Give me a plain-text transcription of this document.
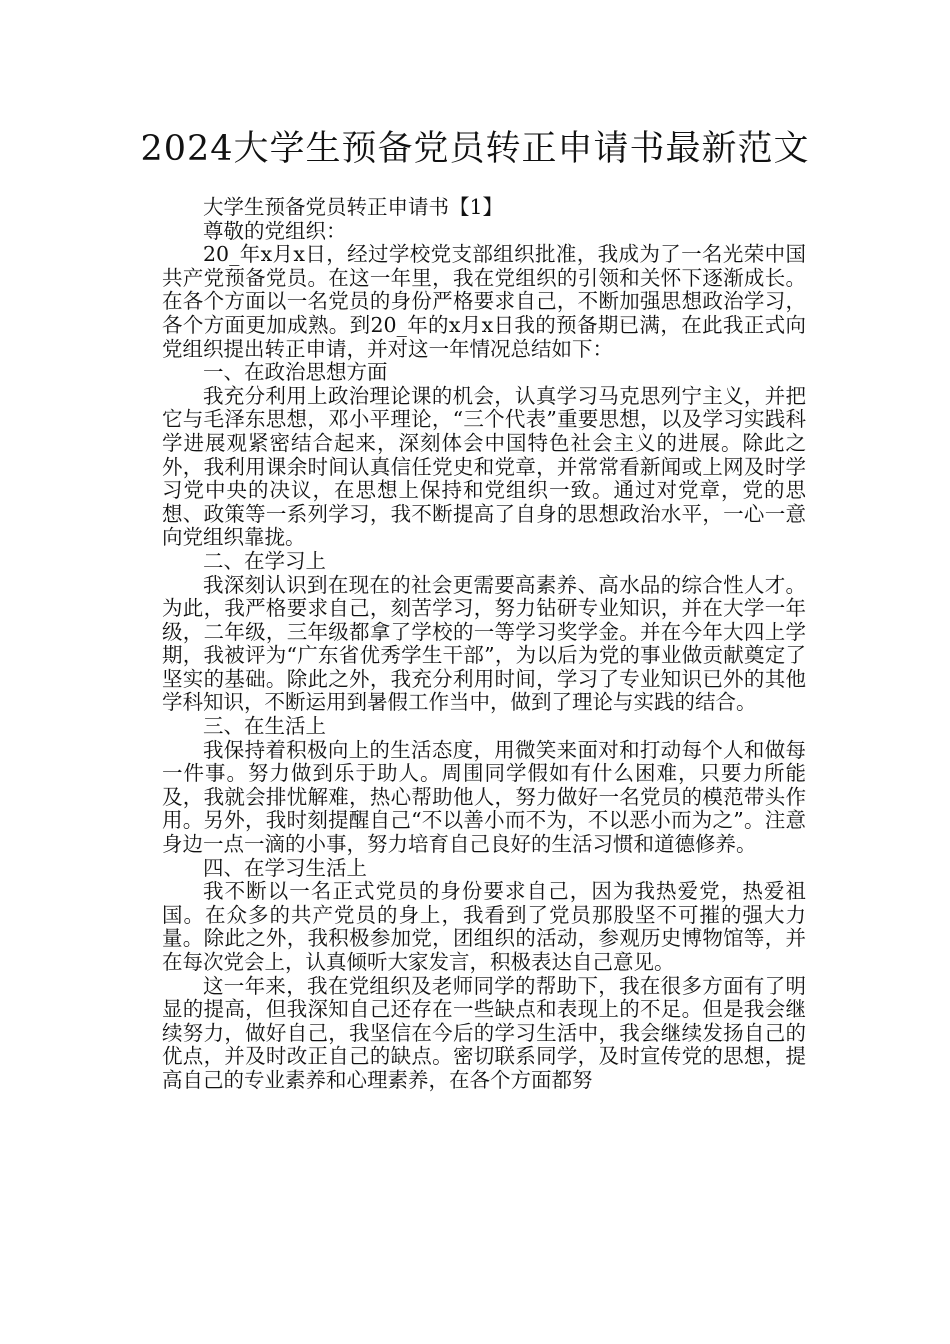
2024大学生预备党员转正申请书最新范文

大学生预备党员转正申请书【1】

尊敬的党组织：

20_年x月x日，经过学校党支部组织批准，我成为了一名光荣中国共产党预备党员。在这一年里，我在党组织的引领和关怀下逐渐成长。在各个方面以一名党员的身份严格要求自己，不断加强思想政治学习，各个方面更加成熟。到20_年的x月x日我的预备期已满，在此我正式向党组织提出转正申请，并对这一年情况总结如下：

一、在政治思想方面

我充分利用上政治理论课的机会，认真学习马克思列宁主义，并把它与毛泽东思想，邓小平理论，“三个代表”重要思想，以及学习实践科学进展观紧密结合起来，深刻体会中国特色社会主义的进展。除此之外，我利用课余时间认真信任党史和党章，并常常看新闻或上网及时学习党中央的决议，在思想上保持和党组织一致。通过对党章，党的思想、政策等一系列学习，我不断提高了自身的思想政治水平，一心一意向党组织靠拢。

二、在学习上

我深刻认识到在现在的社会更需要高素养、高水品的综合性人才。为此，我严格要求自己，刻苦学习，努力钻研专业知识，并在大学一年级，二年级，三年级都拿了学校的一等学习奖学金。并在今年大四上学期，我被评为“广东省优秀学生干部”，为以后为党的事业做贡献奠定了坚实的基础。除此之外，我充分利用时间，学习了专业知识已外的其他学科知识，不断运用到暑假工作当中，做到了理论与实践的结合。

三、在生活上

我保持着积极向上的生活态度，用微笑来面对和打动每个人和做每一件事。努力做到乐于助人。周围同学假如有什么困难，只要力所能及，我就会排忧解难，热心帮助他人，努力做好一名党员的模范带头作用。另外，我时刻提醒自己“不以善小而不为，不以恶小而为之”。注意身边一点一滴的小事，努力培育自己良好的生活习惯和道德修养。

四、在学习生活上

我不断以一名正式党员的身份要求自己，因为我热爱党，热爱祖国。在众多的共产党员的身上，我看到了党员那股坚不可摧的强大力量。除此之外，我积极参加党，团组织的活动，参观历史博物馆等，并在每次党会上，认真倾听大家发言，积极表达自己意见。

这一年来，我在党组织及老师同学的帮助下，我在很多方面有了明显的提高，但我深知自己还存在一些缺点和表现上的不足。但是我会继续努力，做好自己，我坚信在今后的学习生活中，我会继续发扬自己的优点，并及时改正自己的缺点。密切联系同学，及时宣传党的思想，提高自己的专业素养和心理素养，在各个方面都努
